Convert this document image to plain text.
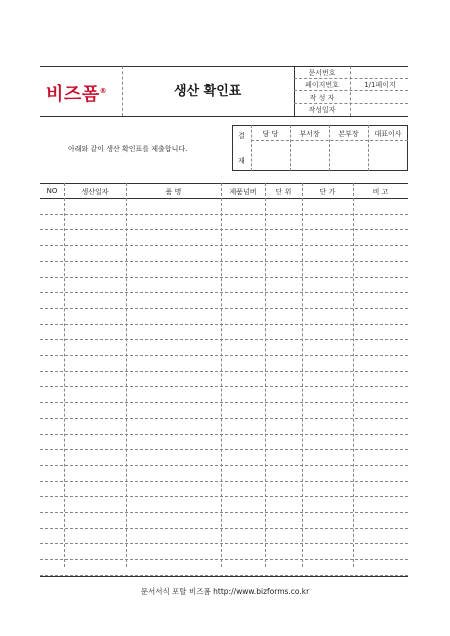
비즈폼®	생산 확인표
문서번호
페이지번호	1/1페이지
작 성 자
작성일자
아래와 같이 생산 확인표를 제출합니다.
결
재
담 당	부서장	본부장	대표이사
NO	생산일자	품 명	제품넘버	단 위	단 가	비 고
문서서식 포탈 비즈폼 http://www.bizforms.co.kr
